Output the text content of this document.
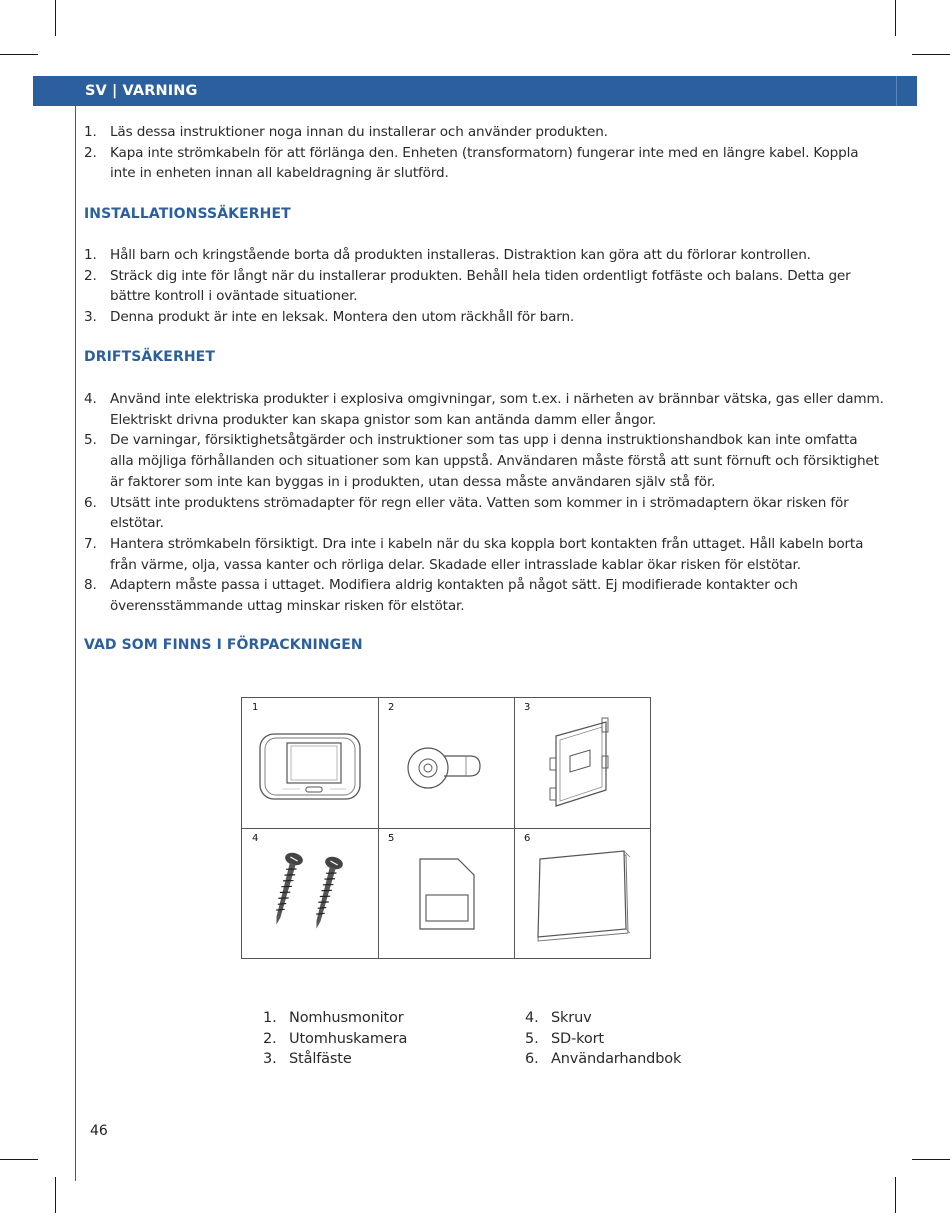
SV | VARNING
1. Läs dessa instruktioner noga innan du installerar och använder produkten.
2. Kapa inte strömkabeln för att förlänga den. Enheten (transformatorn) fungerar inte med en längre kabel. Koppla inte in enheten innan all kabeldragning är slutförd.
INSTALLATIONSSÄKERHET
1. Håll barn och kringstående borta då produkten installeras. Distraktion kan göra att du förlorar kontrollen.
2. Sträck dig inte för långt när du installerar produkten. Behåll hela tiden ordentligt fotfäste och balans. Detta ger bättre kontroll i oväntade situationer.
3. Denna produkt är inte en leksak. Montera den utom räckhåll för barn.
DRIFTSÄKERHET
4. Använd inte elektriska produkter i explosiva omgivningar, som t.ex. i närheten av brännbar vätska, gas eller damm. Elektriskt drivna produkter kan skapa gnistor som kan antända damm eller ångor.
5. De varningar, försiktighetsåtgärder och instruktioner som tas upp i denna instruktionshandbok kan inte omfatta alla möjliga förhållanden och situationer som kan uppstå. Användaren måste förstå att sunt förnuft och försiktighet är faktorer som inte kan byggas in i produkten, utan dessa måste användaren själv stå för.
6. Utsätt inte produktens strömadapter för regn eller väta. Vatten som kommer in i strömadaptern ökar risken för elstötar.
7. Hantera strömkabeln försiktigt. Dra inte i kabeln när du ska koppla bort kontakten från uttaget. Håll kabeln borta från värme, olja, vassa kanter och rörliga delar. Skadade eller intrasslade kablar ökar risken för elstötar.
8. Adaptern måste passa i uttaget. Modifiera aldrig kontakten på något sätt. Ej modifierade kontakter och överensstämmande uttag minskar risken för elstötar.
VAD SOM FINNS I FÖRPACKNINGEN
1	2	3
4	5	6
1. Nomhusmonitor
2. Utomhuskamera
3. Stålfäste
4. Skruv
5. SD-kort
6. Användarhandbok
46
